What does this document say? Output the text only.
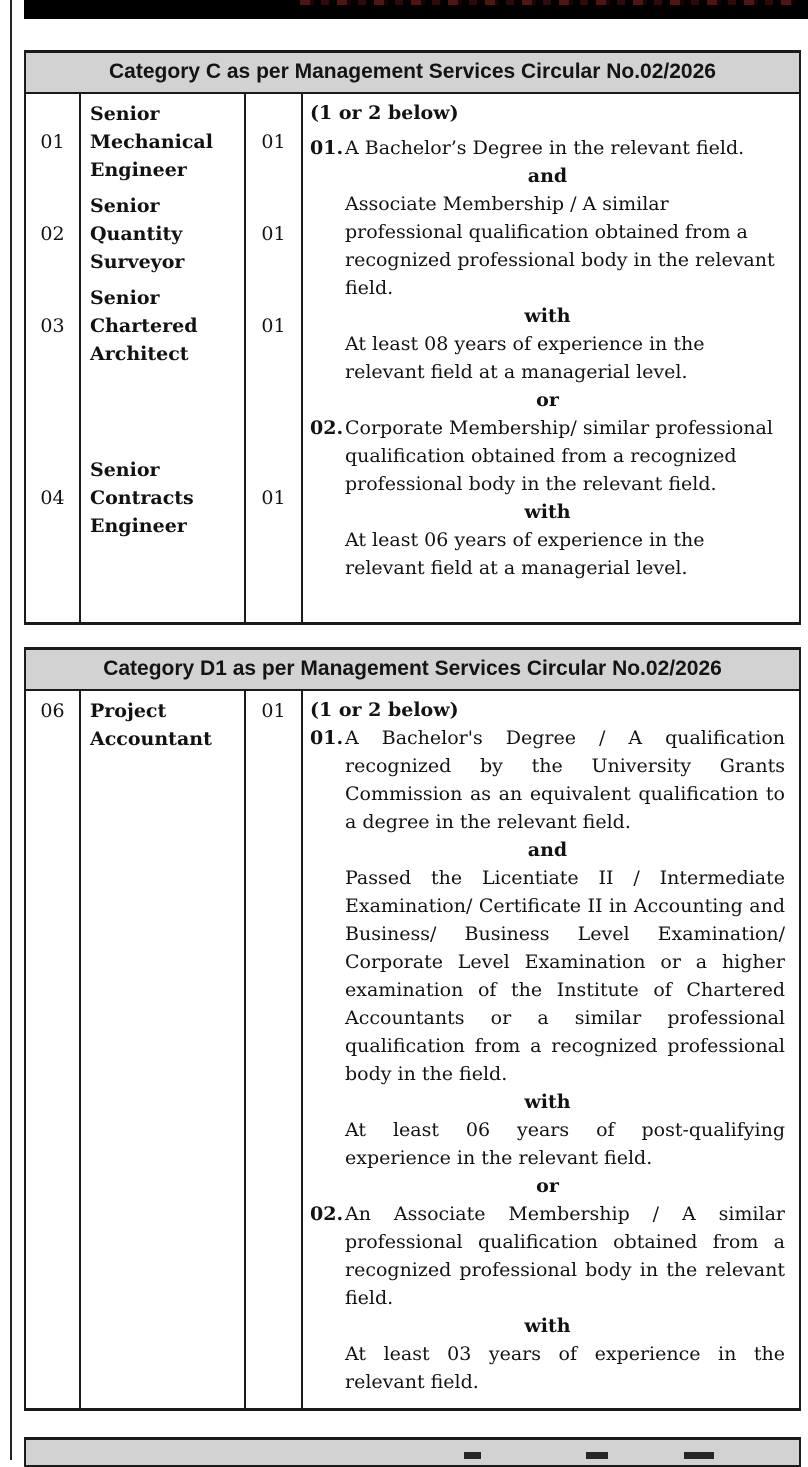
Category C as per Management Services Circular No.02/2026
01
02
03
04
Senior Mechanical Engineer
Senior Quantity Surveyor
Senior Chartered Architect
Senior Contracts Engineer
01
01
01
01
(1 or 2 below)
01. A Bachelor’s Degree in the relevant field.
and
Associate Membership / A similar professional qualification obtained from a recognized professional body in the relevant field.
with
At least 08 years of experience in the relevant field at a managerial level.
or
02. Corporate Membership/ similar professional qualification obtained from a recognized professional body in the relevant field.
with
At least 06 years of experience in the relevant field at a managerial level.
Category D1 as per Management Services Circular No.02/2026
06 Project Accountant
01 (1 or 2 below)
01. A Bachelor's Degree / A qualification recognized by the University Grants Commission as an equivalent qualification to a degree in the relevant field.
and
Passed the Licentiate II / Intermediate Examination/ Certificate II in Accounting and Business/ Business Level Examination/ Corporate Level Examination or a higher examination of the Institute of Chartered Accountants or a similar professional qualification from a recognized professional body in the field.
with
At least 06 years of post-qualifying experience in the relevant field.
or
02. An Associate Membership / A similar professional qualification obtained from a recognized professional body in the relevant field.
with
At least 03 years of experience in the relevant field.
